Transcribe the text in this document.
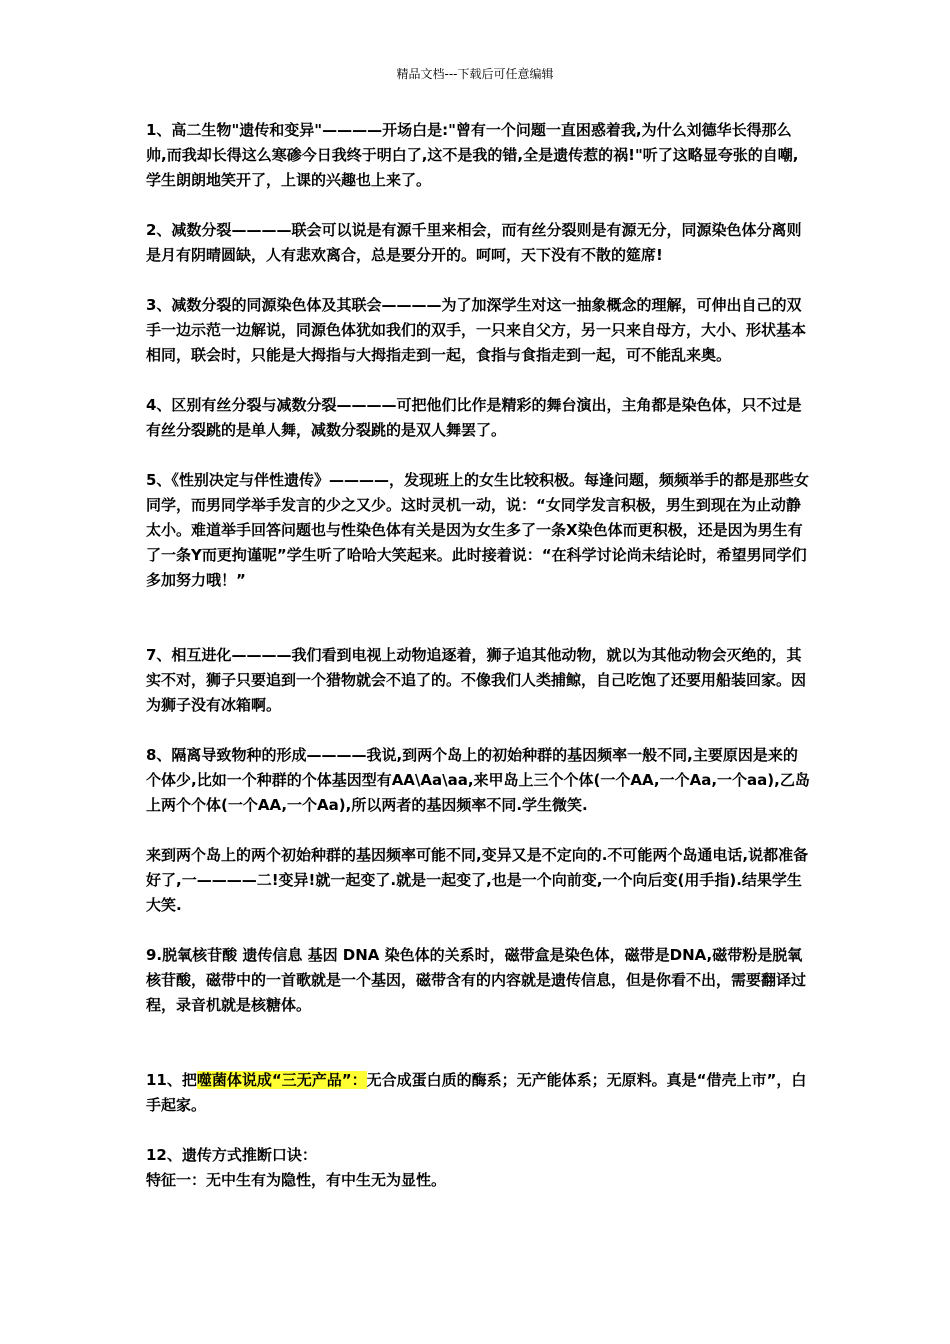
精品文档---下载后可任意编辑

1、高二生物"遗传和变异"————开场白是:"曾有一个问题一直困惑着我,为什么刘德华长得那么帅,而我却长得这么寒碜今日我终于明白了,这不是我的错,全是遗传惹的祸!"听了这略显夸张的自嘲,学生朗朗地笑开了，上课的兴趣也上来了。

2、减数分裂————联会可以说是有源千里来相会，而有丝分裂则是有源无分，同源染色体分离则是月有阴晴圆缺，人有悲欢离合，总是要分开的。呵呵，天下没有不散的筵席!

3、减数分裂的同源染色体及其联会————为了加深学生对这一抽象概念的理解，可伸出自己的双手一边示范一边解说，同源色体犹如我们的双手，一只来自父方，另一只来自母方，大小、形状基本相同，联会时，只能是大拇指与大拇指走到一起，食指与食指走到一起，可不能乱来奥。

4、区别有丝分裂与减数分裂————可把他们比作是精彩的舞台演出，主角都是染色体，只不过是有丝分裂跳的是单人舞，减数分裂跳的是双人舞罢了。

5、《性别决定与伴性遗传》————，发现班上的女生比较积极。每逢问题，频频举手的都是那些女同学，而男同学举手发言的少之又少。这时灵机一动，说：“女同学发言积极，男生到现在为止动静太小。难道举手回答问题也与性染色体有关是因为女生多了一条X染色体而更积极，还是因为男生有了一条Y而更拘谨呢”学生听了哈哈大笑起来。此时接着说：“在科学讨论尚未结论时，希望男同学们多加努力哦！”

7、相互进化————我们看到电视上动物追逐着，狮子追其他动物，就以为其他动物会灭绝的，其实不对，狮子只要追到一个猎物就会不追了的。不像我们人类捕鲸，自己吃饱了还要用船装回家。因为狮子没有冰箱啊。

8、隔离导致物种的形成————我说,到两个岛上的初始种群的基因频率一般不同,主要原因是来的个体少,比如一个种群的个体基因型有AA\Aa\aa,来甲岛上三个个体(一个AA,一个Aa,一个aa),乙岛上两个个体(一个AA,一个Aa),所以两者的基因频率不同.学生微笑.

来到两个岛上的两个初始种群的基因频率可能不同,变异又是不定向的.不可能两个岛通电话,说都准备好了,一————二!变异!就一起变了.就是一起变了,也是一个向前变,一个向后变(用手指).结果学生大笑.

9.脱氧核苷酸 遗传信息 基因 DNA 染色体的关系时，磁带盒是染色体，磁带是DNA,磁带粉是脱氧核苷酸，磁带中的一首歌就是一个基因，磁带含有的内容就是遗传信息，但是你看不出，需要翻译过程，录音机就是核糖体。

11、把噬菌体说成“三无产品”：无合成蛋白质的酶系；无产能体系；无原料。真是“借壳上市”，白手起家。

12、遗传方式推断口诀：

特征一：无中生有为隐性，有中生无为显性。
